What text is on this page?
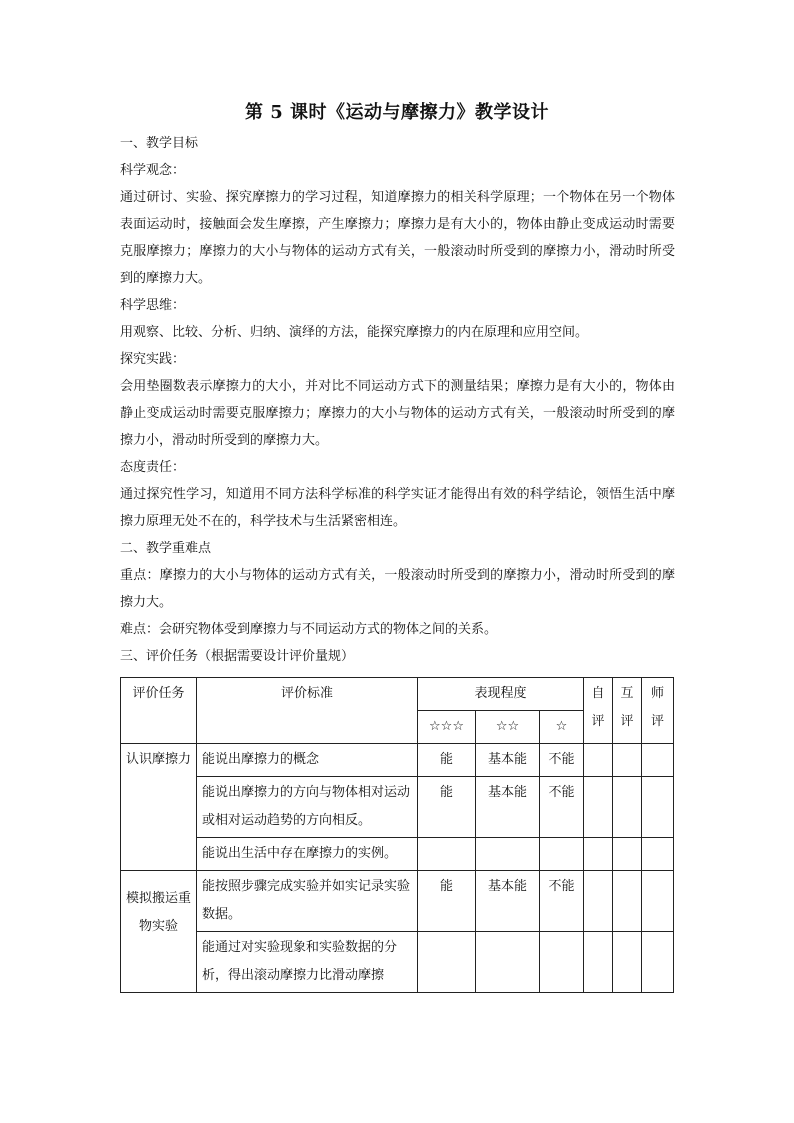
第 5 课时《运动与摩擦力》教学设计

一、教学目标

科学观念：

通过研讨、实验、探究摩擦力的学习过程，知道摩擦力的相关科学原理；一个物体在另一个物体表面运动时，接触面会发生摩擦，产生摩擦力；摩擦力是有大小的，物体由静止变成运动时需要克服摩擦力；摩擦力的大小与物体的运动方式有关，一般滚动时所受到的摩擦力小，滑动时所受到的摩擦力大。

科学思维：

用观察、比较、分析、归纳、演绎的方法，能探究摩擦力的内在原理和应用空间。

探究实践：

会用垫圈数表示摩擦力的大小，并对比不同运动方式下的测量结果；摩擦力是有大小的，物体由静止变成运动时需要克服摩擦力；摩擦力的大小与物体的运动方式有关，一般滚动时所受到的摩擦力小，滑动时所受到的摩擦力大。

态度责任：

通过探究性学习，知道用不同方法科学标准的科学实证才能得出有效的科学结论，领悟生活中摩擦力原理无处不在的，科学技术与生活紧密相连。

二、教学重难点

重点：摩擦力的大小与物体的运动方式有关，一般滚动时所受到的摩擦力小，滑动时所受到的摩擦力大。

难点：会研究物体受到摩擦力与不同运动方式的物体之间的关系。

三、评价任务（根据需要设计评价量规）

评价任务	评价标准	表现程度			自评	互评	师评
		☆☆☆	☆☆	☆			
认识摩擦力	能说出摩擦力的概念	能	基本能	不能			
	能说出摩擦力的方向与物体相对运动或相对运动趋势的方向相反。	能	基本能	不能			
	能说出生活中存在摩擦力的实例。						
模拟搬运重物实验	能按照步骤完成实验并如实记录实验数据。	能	基本能	不能			
	能通过对实验现象和实验数据的分析，得出滚动摩擦力比滑动摩擦						
